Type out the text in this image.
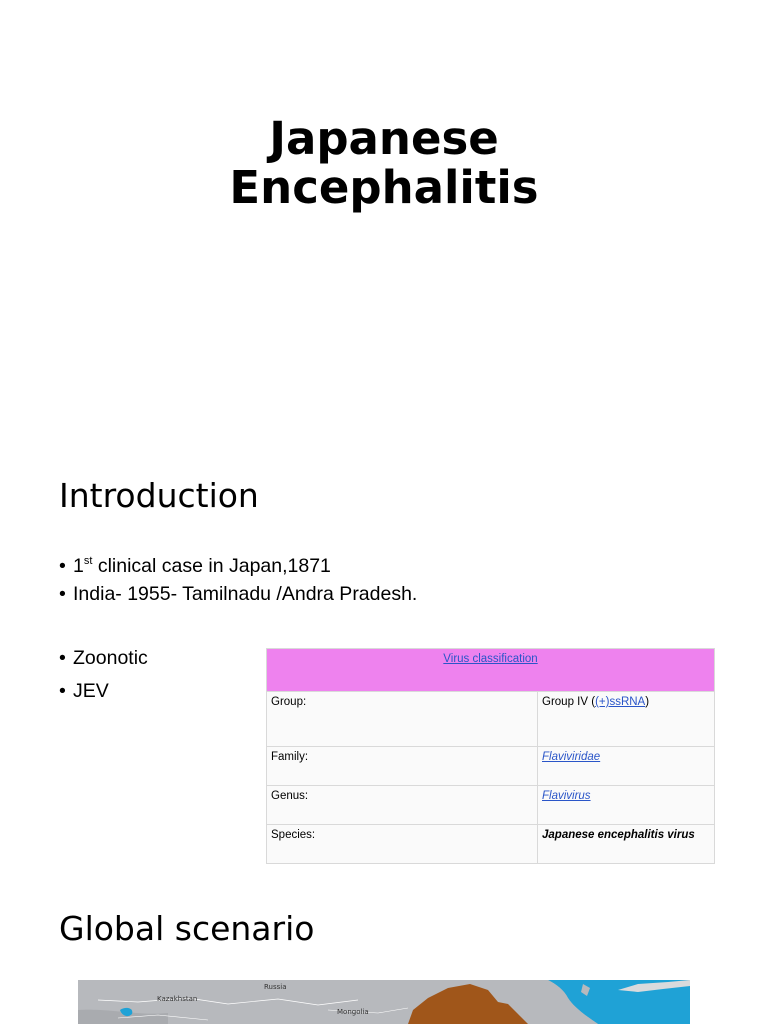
Japanese
Encephalitis
Introduction
• 1st clinical case in Japan,1871
• India- 1955- Tamilnadu /Andra Pradesh.
• Zoonotic
• JEV
Virus classification	
Group:	Group IV ((+)ssRNA)
Family:	Flaviviridae
Genus:	Flavivirus
Species:	Japanese encephalitis virus
Global scenario
Kazakhstan
Russia
Mongolia
